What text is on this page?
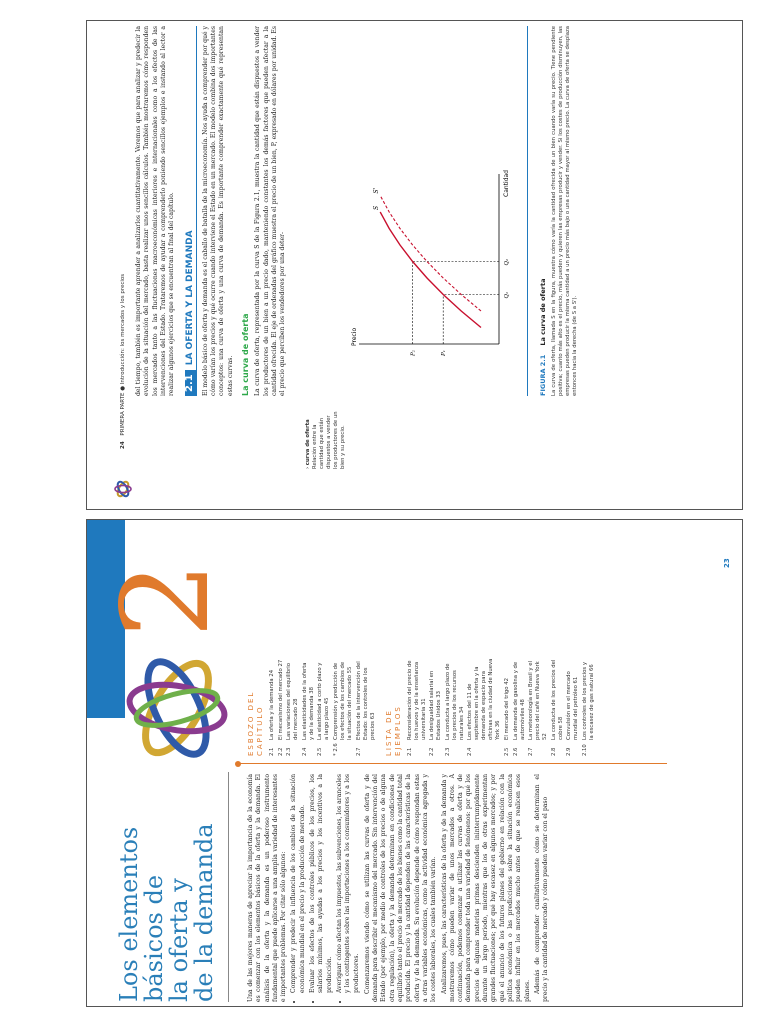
24 PRIMERA PARTE ● Introducción: los mercados y los precios
› curva de oferta Relación entre la cantidad que están dispuestos a vender los productores de un bien y su precio.

del tiempo, también es importante aprender a analizarlos cuantitativamente. Veremos que para analizar y predecir la evolución de la situación del mercado, basta realizar unos sencillos cálculos. También mostraremos cómo responden los mercados tanto a las fluctuaciones macroeconómicas interiores e internacionales como a los efectos de las intervenciones del Estado. Trataremos de ayudar a comprenderlo poniendo sencillos ejemplos e instando al lector a realizar algunos ejercicios que se encuentran al final del capítulo. 2.1
LA OFERTA Y LA DEMANDA El modelo básico de oferta y demanda es el caballo de batalla de la microeconomía. Nos ayuda a comprender por qué y cómo varían los precios y qué ocurre cuando interviene el Estado en un mercado. El modelo combina dos importantes conceptos: una curva de oferta y una curva de demanda. Es importante comprender exactamente qué representan estas curvas. La curva de oferta La curva de oferta, representada por la curva S de la Figura 2.1, muestra la cantidad que están dispuestos a vender los productores de un bien a un precio dado, manteniendo constantes los demás factores que pueden afectar a la cantidad ofrecida. El eje de ordenadas del gráfico muestra el precio de un bien, P, expresado en dólares por unidad. Es el precio que perciben los vendedores por una deter-	Precio
Cantidad
P₁
P₂
Q₁
Q₂
S
S'
FIGURA 2.1 La curva de oferta La curva de oferta, llamada S en la figura, muestra cómo varía la cantidad ofrecida de un bien cuando varía su precio. Tiene pendiente positiva; cuanto más alto es el precio, más pueden y quieren las empresas producir y vender. Si los costes de producción disminuyen, las empresas pueden producir la misma cantidad a un precio más bajo o una cantidad mayor al mismo precio. La curva de oferta se desplaza entonces hacia la derecha (de S a S').
Los elementos
básicos de
la oferta y
de la demanda
2

Una de las mejores maneras de apreciar la importancia de la economía es comenzar con los elementos básicos de la oferta y la demanda. El análisis de la oferta y la demanda es un poderoso instrumento fundamental que puede aplicarse a una amplia variedad de interesantes e importantes problemas. Por citar sólo algunos: • Comprender y predecir la influencia de los cambios de la situación económica mundial en el precio y la producción de mercado. • Evaluar los efectos de los controles públicos de los precios, los salarios mínimos, las ayudas a los precios y los incentivos a la producción. • Averiguar cómo afectan los impuestos, las subvenciones, los aranceles y los contingentes sobre las importaciones a los consumidores y a los productores. Comenzaremos viendo cómo se utilizan las curvas de oferta y de demanda para describir el mecanismo del mercado. Sin intervención del Estado (por ejemplo, por medio de controles de los precios o de alguna otra regulación), la oferta y la demanda determinan en condiciones de equilibrio tanto el precio de mercado de los bienes como la cantidad total producida. El precio y la cantidad dependen de las características de la oferta y de la demanda. Su evolución depende de cómo respondan estas a otras variables económicas, como la actividad económica agregada y los costes laborales, los cuales también varían. Analizaremos, pues, las características de la oferta y de la demanda y mostraremos cómo pueden variar de unos mercados a otros. A continuación, podemos comenzar a utilizar las curvas de oferta y de demanda para comprender toda una variedad de fenómenos: por qué los precios de algunas materias primas descienden ininterrumpidamente durante un largo periodo, mientras que los de otras experimentan grandes fluctuaciones; por qué hay escasez en algunos mercados; y por qué el anuncio de los futuros planes del gobierno en relación con la política económica o las predicciones sobre la situación económica pueden influir en los mercados mucho antes de que se realicen esos planes. Además de comprender cualitativamente cómo se determinan el precio y la cantidad de mercado y cómo pueden variar con el paso

ESBOZO DEL CAPÍTULO 2.1
La oferta y la demanda 24
2.2
El mecanismo del mercado 27
2.3
Las variaciones del equilibrio del mercado 28
2.4
Las elasticidades de la oferta y de la demanda 38
2.5
La elasticidad a corto plazo y a largo plazo 45
* 2.6
Comprensión y predicción de los efectos de los cambios de la situación del mercado 55
2.7
Efectos de la intervención del Estado: los controles de los precios 63 LISTA DE EJEMPLOS 2.1
Reconsideración del precio de los huevos y de la enseñanza universitaria 31
2.2
La desigualdad salarial en Estados Unidos 33
2.3
La conducta a largo plazo de los precios de los recursos naturales 34
2.4
Los efectos del 11 de septiembre en la oferta y la demanda de espacio para oficinas en la ciudad de Nueva York 36
2.5
El mercado del trigo 42
2.6
La demanda de gasolina y de automóviles 48
2.7
La meteorología en Brasil y el precio del café en Nueva York 52
2.8
La conducta de los precios del cobre 58
2.9
Convulsión en el mercado mundial del petróleo 61
2.10
Los controles de los precios y la escasez de gas natural 66
23
